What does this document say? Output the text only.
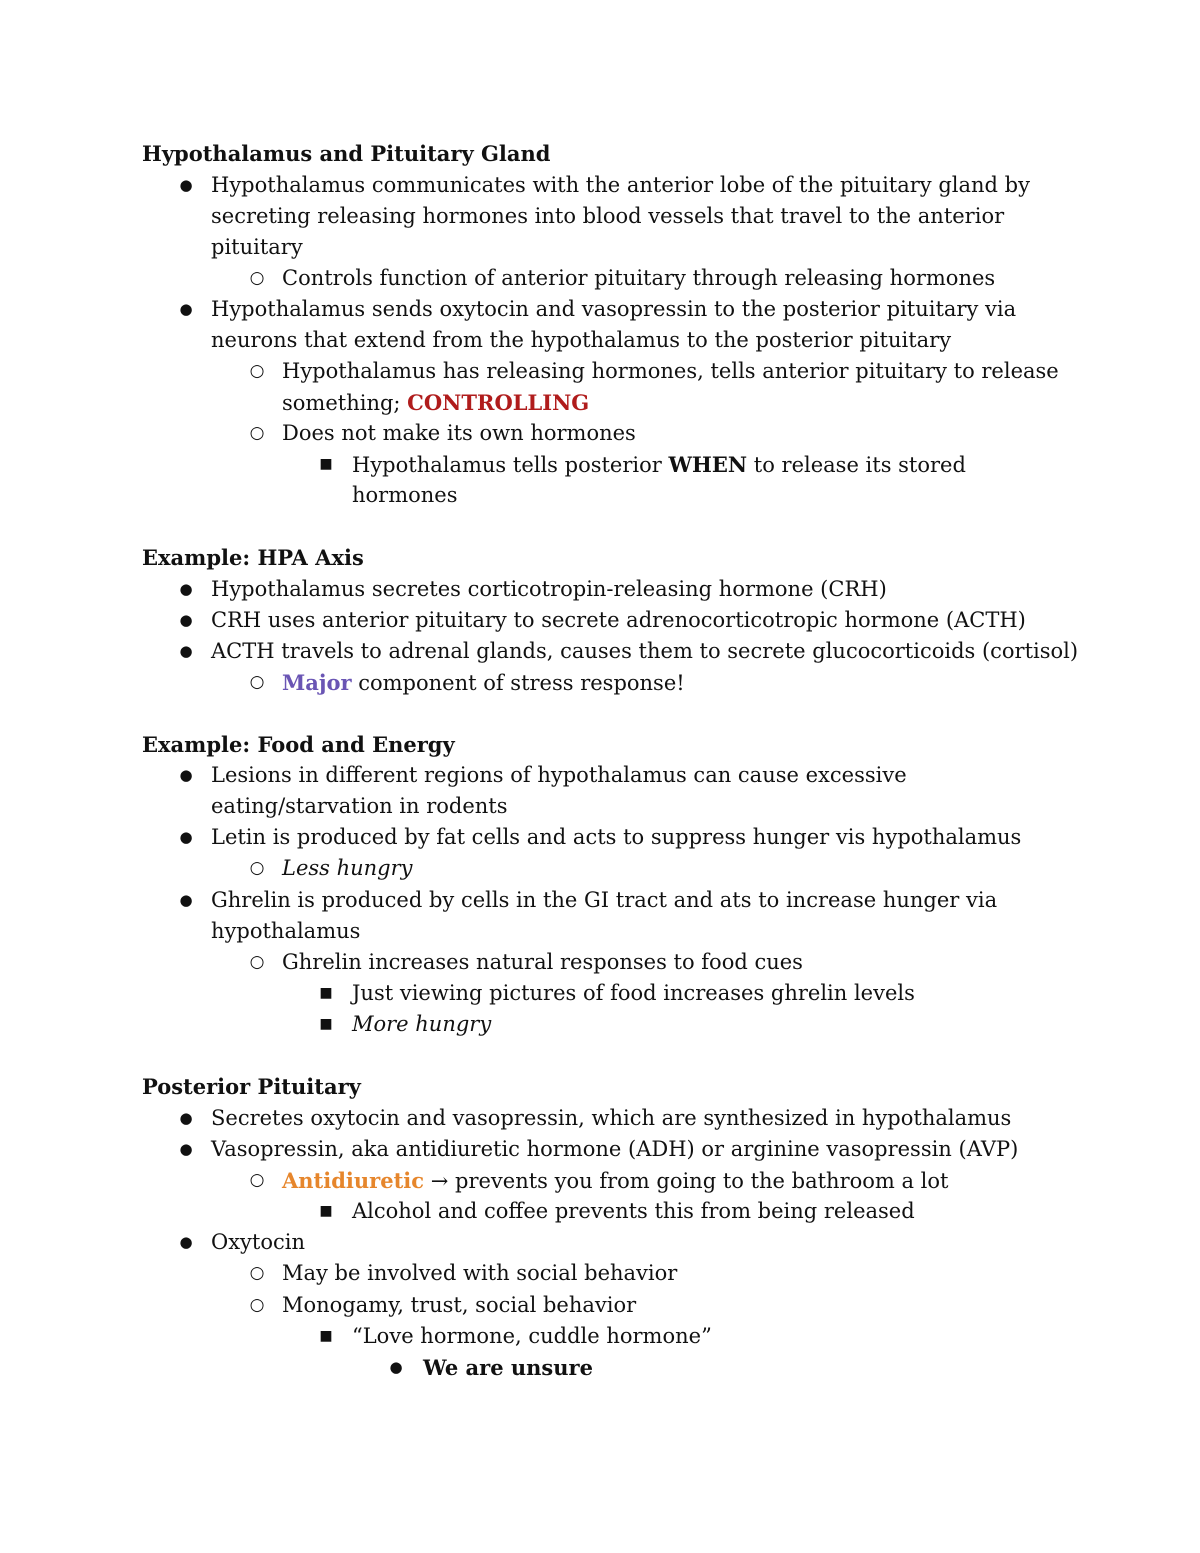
Hypothalamus and Pituitary Gland
● Hypothalamus communicates with the anterior lobe of the pituitary gland by
secreting releasing hormones into blood vessels that travel to the anterior
pituitary
○ Controls function of anterior pituitary through releasing hormones
● Hypothalamus sends oxytocin and vasopressin to the posterior pituitary via
neurons that extend from the hypothalamus to the posterior pituitary
○ Hypothalamus has releasing hormones, tells anterior pituitary to release
something; CONTROLLING
○ Does not make its own hormones
■ Hypothalamus tells posterior WHEN to release its stored
hormones
Example: HPA Axis
● Hypothalamus secretes corticotropin-releasing hormone (CRH)
● CRH uses anterior pituitary to secrete adrenocorticotropic hormone (ACTH)
● ACTH travels to adrenal glands, causes them to secrete glucocorticoids (cortisol)
○ Major component of stress response!
Example: Food and Energy
● Lesions in different regions of hypothalamus can cause excessive
eating/starvation in rodents
● Letin is produced by fat cells and acts to suppress hunger vis hypothalamus
○ Less hungry
● Ghrelin is produced by cells in the GI tract and ats to increase hunger via
hypothalamus
○ Ghrelin increases natural responses to food cues
■ Just viewing pictures of food increases ghrelin levels
■ More hungry
Posterior Pituitary
● Secretes oxytocin and vasopressin, which are synthesized in hypothalamus
● Vasopressin, aka antidiuretic hormone (ADH) or arginine vasopressin (AVP)
○ Antidiuretic → prevents you from going to the bathroom a lot
■ Alcohol and coffee prevents this from being released
● Oxytocin
○ May be involved with social behavior
○ Monogamy, trust, social behavior
■ “Love hormone, cuddle hormone”
● We are unsure
